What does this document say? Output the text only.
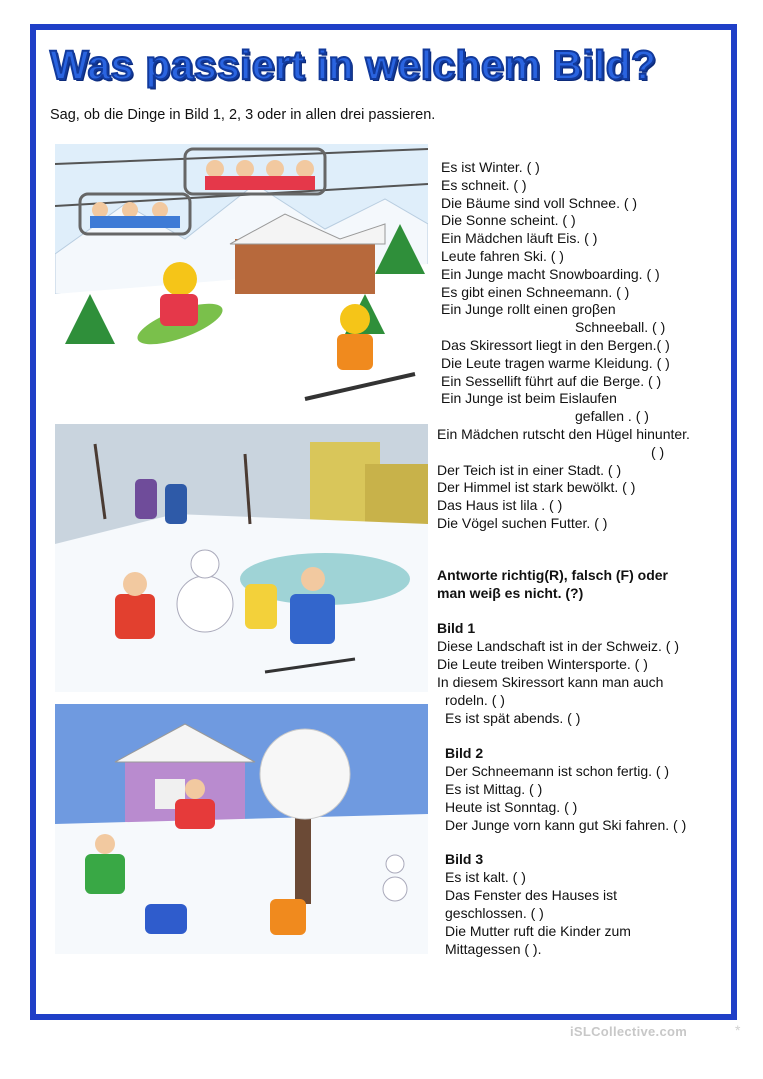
Was passiert in welchem Bild?
Sag, ob die Dinge in Bild 1, 2, 3 oder in allen drei passieren.
Es ist Winter. ( )
Es schneit. ( )
Die Bäume sind voll Schnee. ( )
Die Sonne scheint. ( )
Ein Mädchen läuft Eis. ( )
Leute fahren Ski. ( )
Ein Junge macht Snowboarding. ( )
Es gibt einen Schneemann. ( )
Ein Junge rollt einen groβen
Schneeball. ( )
Das Skiressort liegt in den Bergen.( )
Die Leute tragen warme Kleidung. ( )
Ein Sessellift führt auf die Berge. ( )
Ein Junge ist beim Eislaufen
gefallen . ( )
Ein Mädchen rutscht den Hügel hinunter.
( )
Der Teich ist in einer Stadt. ( )
Der Himmel ist stark bewölkt. ( )
Das Haus ist lila . ( )
Die Vögel suchen Futter. ( )
Antworte richtig(R), falsch (F) oder
man weiβ es nicht. (?)
Bild 1
Diese Landschaft ist in der Schweiz. ( )
Die Leute treiben Wintersporte. ( )
In diesem Skiressort kann man auch
rodeln. ( )
Es ist spät abends. ( )
Bild 2
Der Schneemann ist schon fertig. ( )
Es ist Mittag. ( )
Heute ist Sonntag. ( )
Der Junge vorn kann gut Ski fahren. ( )
Bild 3
Es ist kalt. ( )
Das Fenster des Hauses ist
geschlossen. ( )
Die Mutter ruft die Kinder zum
Mittagessen ( ).
iSLCollective.com	*
